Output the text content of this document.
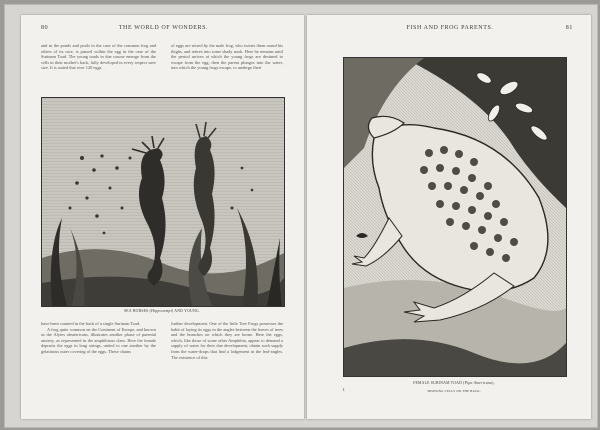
80	THE WORLD OF WONDERS.

and in the ponds and pools in the case of the common frog and others of its race, is passed within the egg in the case of the Surinam Toad. The young toads in due course emerge from the cells in their mother's back, fully developed in every respect save size. It is stated that over 120 eggs

of eggs are seized by the male frog, who twines them round his thighs, and retires into some shady nook. Here he remains until the period arrives at which the young frogs are destined to escape from the egg; then the parent plunges into the water, into which the young frogs escape, to undergo their

SEA HORSES (Hippocampi) AND YOUNG.

have been counted in the back of a single Surinam Toad.

A frog quite common on the Continent of Europe, and known as the Alytes obstetricans, illustrates another phase of parental anxiety, as represented in the amphibious class. Here the female deposits the eggs in long strings, united to one another by the gelatinous outer covering of the eggs. These chains

further development. One of the little Tree Frogs possesses the habit of laying its eggs in the angles between the leaves of trees and the branches on which they are borne. Here the eggs, which, like those of some other Amphibia, appear to demand a supply of water for their due development, obtain such supply from the water-drops that find a lodgement in the leaf-angles. The existence of this

FISH AND FROG PARENTS.	81
FEMALE SURINAM TOAD (Pipa Americana),
SHOWING CELLS ON THE BACK.
I.
